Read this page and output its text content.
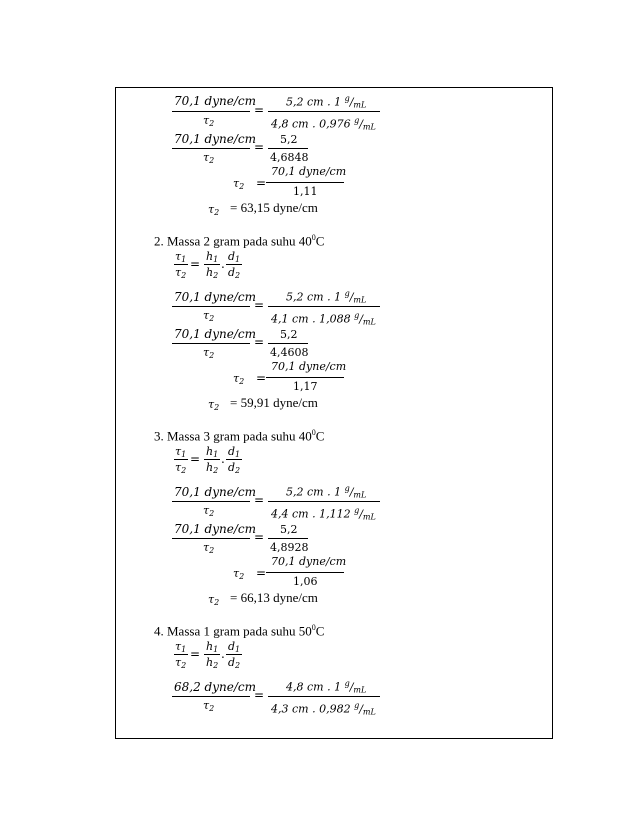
70,1 dyne/cm
$\tau_2$
=
5,2 cm . 1 $^g/_{mL}$
4,8 cm . 0,976 $^g/_{mL}$
70,1 dyne/cm
$\tau_2$
=
5,2
4,6848
$\tau_2$ =
70,1 dyne/cm
1,11
$\tau_2 = 63,15$ dyne/cm
2. Massa 2 gram pada suhu $40^0C$
$\tau_1$
$\tau_2$
=
$h_1$
$h_2$
.
$d_1$
$d_2$
70,1 dyne/cm
$\tau_2$
=
5,2 cm . 1 $^g/_{mL}$
4,1 cm . 1,088 $^g/_{mL}$
70,1 dyne/cm
$\tau_2$
=
5,2
4,4608
$\tau_2$ =
70,1 dyne/cm
1,17
$\tau_2 = 59,91$ dyne/cm
3. Massa 3 gram pada suhu $40^0C$
$\tau_1$
$\tau_2$
=
$h_1$
$h_2$
.
$d_1$
$d_2$
70,1 dyne/cm
$\tau_2$
=
5,2 cm . 1 $^g/_{mL}$
4,4 cm . 1,112 $^g/_{mL}$
70,1 dyne/cm
$\tau_2$
=
5,2
4,8928
$\tau_2$ =
70,1 dyne/cm
1,06
$\tau_2 = 66,13$ dyne/cm
4. Massa 1 gram pada suhu $50^0C$
$\tau_1$
$\tau_2$
=
$h_1$
$h_2$
.
$d_1$
$d_2$
68,2 dyne/cm
$\tau_2$
=
4,8 cm . 1 $^g/_{mL}$
4,3 cm . 0,982 $^g/_{mL}$
